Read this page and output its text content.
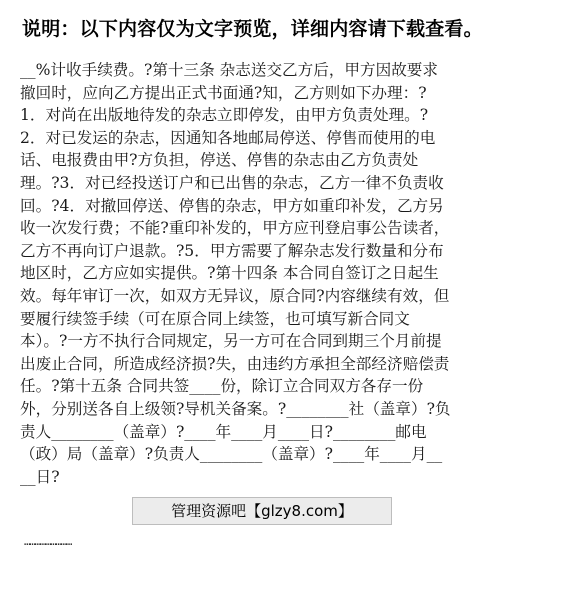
说明：以下内容仅为文字预览，详细内容请下载查看。
__%计收手续费。?第十三条 杂志送交乙方后，甲方因故要求
撤回时，应向乙方提出正式书面通?知，乙方则如下办理：?
1．对尚在出版地待发的杂志立即停发，由甲方负责处理。?
2．对已发运的杂志，因通知各地邮局停送、停售而使用的电
话、电报费由甲?方负担，停送、停售的杂志由乙方负责处
理。?3．对已经投送订户和已出售的杂志，乙方一律不负责收
回。?4．对撤回停送、停售的杂志，甲方如重印补发，乙方另
收一次发行费；不能?重印补发的，甲方应刊登启事公告读者，
乙方不再向订户退款。?5．甲方需要了解杂志发行数量和分布
地区时，乙方应如实提供。?第十四条 本合同自签订之日起生
效。每年审订一次，如双方无异议，原合同?内容继续有效，但
要履行续签手续（可在原合同上续签，也可填写新合同文
本）。?一方不执行合同规定，另一方可在合同到期三个月前提
出废止合同，所造成经济损?失，由违约方承担全部经济赔偿责
任。?第十五条 合同共签____份，除订立合同双方各存一份
外，分别送各自上级领?导机关备案。?________社（盖章）?负
责人________（盖章）?____年____月____日?________邮电
（政）局（盖章）?负责人________（盖章）?____年____月__
__日?
………………………
管理资源吧【glzy8.com】
